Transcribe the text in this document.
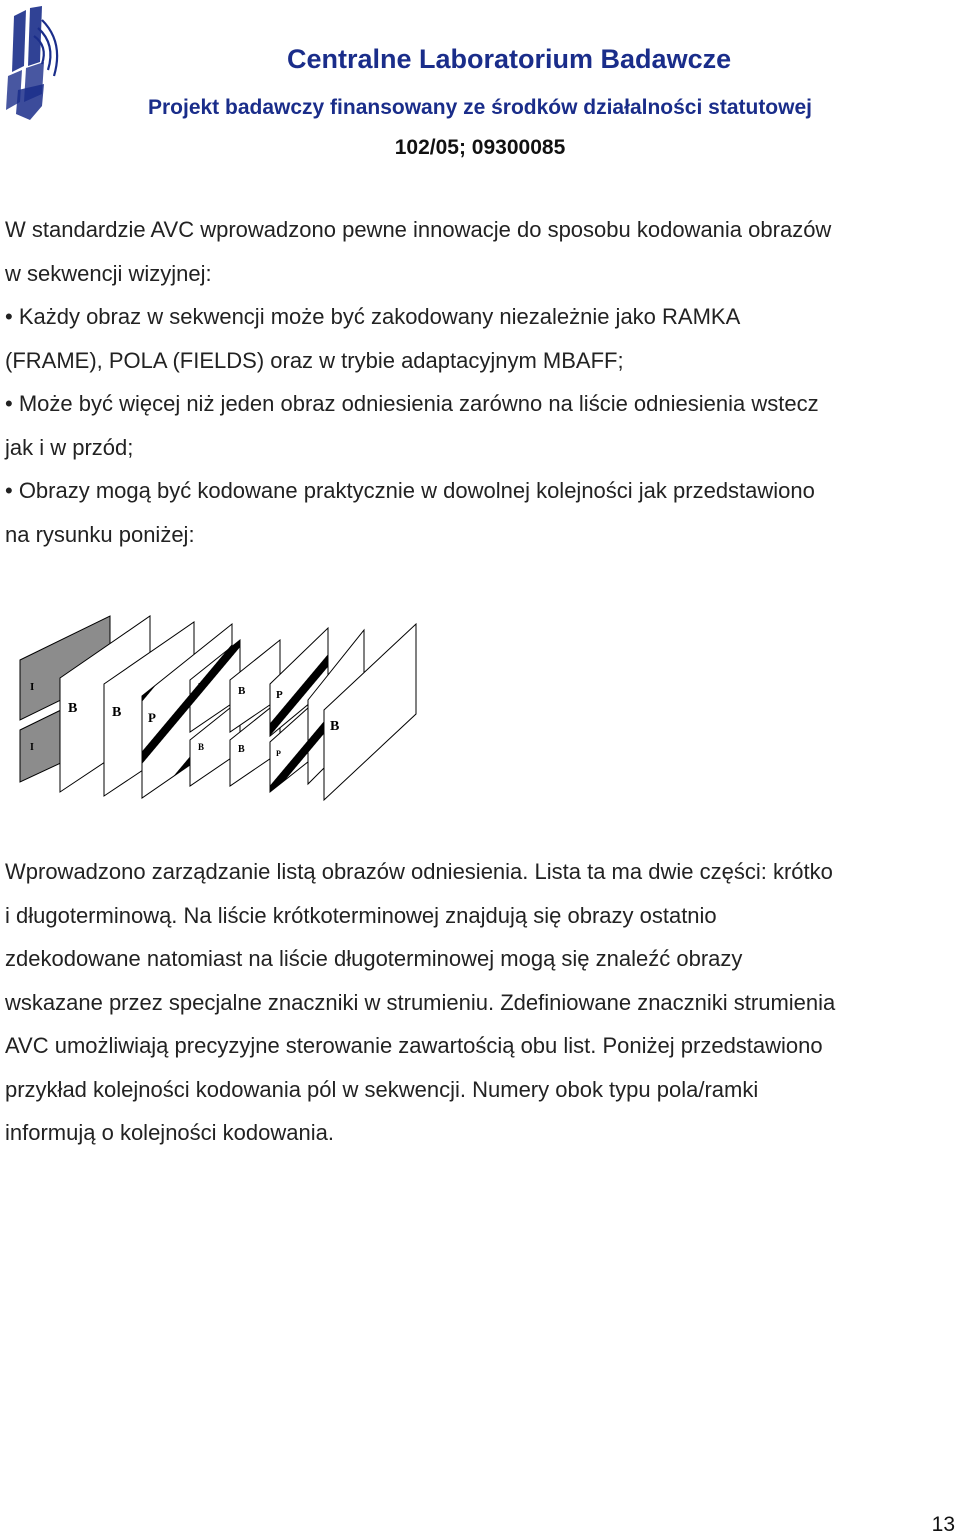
Centralne Laboratorium Badawcze

Projekt badawczy finansowany ze środków działalności statutowej

102/05; 09300085

W standardzie AVC wprowadzono pewne innowacje do sposobu kodowania obrazów
w sekwencji wizyjnej:
• Każdy obraz w sekwencji może być zakodowany niezależnie jako RAMKA
(FRAME), POLA (FIELDS) oraz w trybie adaptacyjnym MBAFF;
• Może być więcej niż jeden obraz odniesienia zarówno na liście odniesienia wstecz
jak i w przód;
• Obrazy mogą być kodowane praktycznie w dowolnej kolejności jak przedstawiono
na rysunku poniżej:
I
I
B B P
B
B
B
B
P
P
B
Wprowadzono zarządzanie listą obrazów odniesienia. Lista ta ma dwie części: krótko
i długoterminową. Na liście krótkoterminowej znajdują się obrazy ostatnio
zdekodowane natomiast na liście długoterminowej mogą się znaleźć obrazy
wskazane przez specjalne znaczniki w strumieniu. Zdefiniowane znaczniki strumienia
AVC umożliwiają precyzyjne sterowanie zawartością obu list. Poniżej przedstawiono
przykład kolejności kodowania pól w sekwencji. Numery obok typu pola/ramki
informują o kolejności kodowania.
13
